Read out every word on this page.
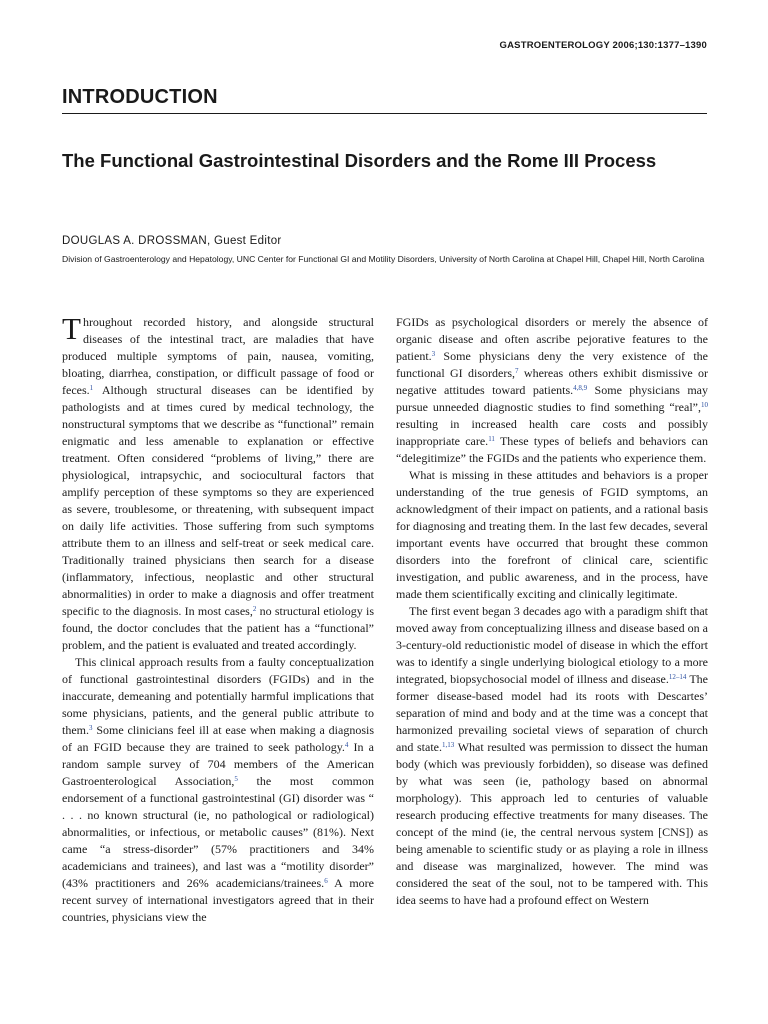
GASTROENTEROLOGY 2006;130:1377–1390
INTRODUCTION
The Functional Gastrointestinal Disorders and the Rome III Process
DOUGLAS A. DROSSMAN, Guest Editor
Division of Gastroenterology and Hepatology, UNC Center for Functional GI and Motility Disorders, University of North Carolina at Chapel Hill, Chapel Hill, North Carolina

Throughout recorded history, and alongside structural diseases of the intestinal tract, are maladies that have produced multiple symptoms of pain, nausea, vomiting, bloating, diarrhea, constipation, or difficult passage of food or feces.$^1$ Although structural diseases can be identified by pathologists and at times cured by medical technology, the nonstructural symptoms that we describe as “functional” remain enigmatic and less amenable to explanation or effective treatment. Often considered “problems of living,” there are physiological, intrapsychic, and sociocultural factors that amplify perception of these symptoms so they are experienced as severe, troublesome, or threatening, with subsequent impact on daily life activities. Those suffering from such symptoms attribute them to an illness and self-treat or seek medical care. Traditionally trained physicians then search for a disease (inflammatory, infectious, neoplastic and other structural abnormalities) in order to make a diagnosis and offer treatment specific to the diagnosis. In most cases,$^2$ no structural etiology is found, the doctor concludes that the patient has a “functional” problem, and the patient is evaluated and treated accordingly.

This clinical approach results from a faulty conceptualization of functional gastrointestinal disorders (FGIDs) and in the inaccurate, demeaning and potentially harmful implications that some physicians, patients, and the general public attribute to them.$^3$ Some clinicians feel ill at ease when making a diagnosis of an FGID because they are trained to seek pathology.$^4$ In a random sample survey of 704 members of the American Gastroenterological Association,$^5$ the most common endorsement of a functional gastrointestinal (GI) disorder was “ . . . no known structural (ie, no pathological or radiological) abnormalities, or infectious, or metabolic causes” (81%). Next came “a stress-disorder” (57% practitioners and 34% academicians and trainees), and last was a “motility disorder” (43% practitioners and 26% academicians/trainees.$^6$ A more recent survey of international investigators agreed that in their countries, physicians view the

FGIDs as psychological disorders or merely the absence of organic disease and often ascribe pejorative features to the patient.$^3$ Some physicians deny the very existence of the functional GI disorders,$^7$ whereas others exhibit dismissive or negative attitudes toward patients.$^{4,8,9}$ Some physicians may pursue unneeded diagnostic studies to find something “real”,$^{10}$ resulting in increased health care costs and possibly inappropriate care.$^{11}$ These types of beliefs and behaviors can “delegitimize” the FGIDs and the patients who experience them.

What is missing in these attitudes and behaviors is a proper understanding of the true genesis of FGID symptoms, an acknowledgment of their impact on patients, and a rational basis for diagnosing and treating them. In the last few decades, several important events have occurred that brought these common disorders into the forefront of clinical care, scientific investigation, and public awareness, and in the process, have made them scientifically exciting and clinically legitimate.

The first event began 3 decades ago with a paradigm shift that moved away from conceptualizing illness and disease based on a 3-century-old reductionistic model of disease in which the effort was to identify a single underlying biological etiology to a more integrated, biopsychosocial model of illness and disease.$^{12-14}$ The former disease-based model had its roots with Descartes’ separation of mind and body and at the time was a concept that harmonized prevailing societal views of separation of church and state.$^{1,13}$ What resulted was permission to dissect the human body (which was previously forbidden), so disease was defined by what was seen (ie, pathology based on abnormal morphology). This approach led to centuries of valuable research producing effective treatments for many diseases. The concept of the mind (ie, the central nervous system [CNS]) as being amenable to scientific study or as playing a role in illness and disease was marginalized, however. The mind was considered the seat of the soul, not to be tampered with. This idea seems to have had a profound effect on Western
